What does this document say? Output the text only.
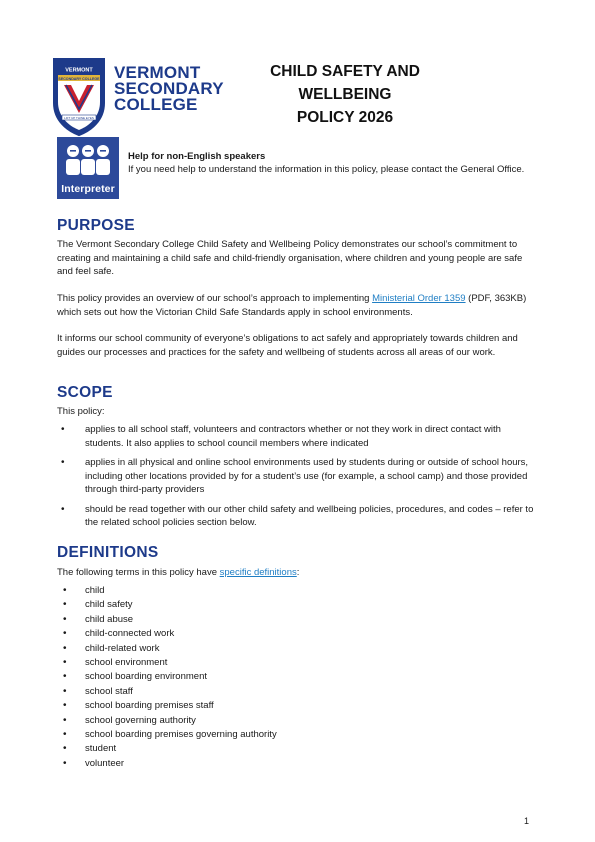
VERMONT
SECONDARY COLLEGE
LIFT UP THINE EYES
VERMONT
SECONDARY
COLLEGE
CHILD SAFETY AND WELLBEING
POLICY 2026
Interpreter
Help for non-English speakers
If you need help to understand the information in this policy, please contact the General Office.
PURPOSE

The Vermont Secondary College Child Safety and Wellbeing Policy demonstrates our school’s commitment to creating and maintaining a child safe and child-friendly organisation, where children and young people are safe and feel safe.

This policy provides an overview of our school’s approach to implementing Ministerial Order 1359 (PDF, 363KB) which sets out how the Victorian Child Safe Standards apply in school environments.

It informs our school community of everyone’s obligations to act safely and appropriately towards children and guides our processes and practices for the safety and wellbeing of students across all areas of our work.

SCOPE

This policy:

• applies to all school staff, volunteers and contractors whether or not they work in direct contact with students. It also applies to school council members where indicated
• applies in all physical and online school environments used by students during or outside of school hours, including other locations provided by for a student’s use (for example, a school camp) and those provided through third-party providers
• should be read together with our other child safety and wellbeing policies, procedures, and codes – refer to the related school policies section below.
DEFINITIONS

The following terms in this policy have specific definitions:

• child
• child safety
• child abuse
• child-connected work
• child-related work
• school environment
• school boarding environment
• school staff
• school boarding premises staff
• school governing authority
• school boarding premises governing authority
• student
• volunteer
1
